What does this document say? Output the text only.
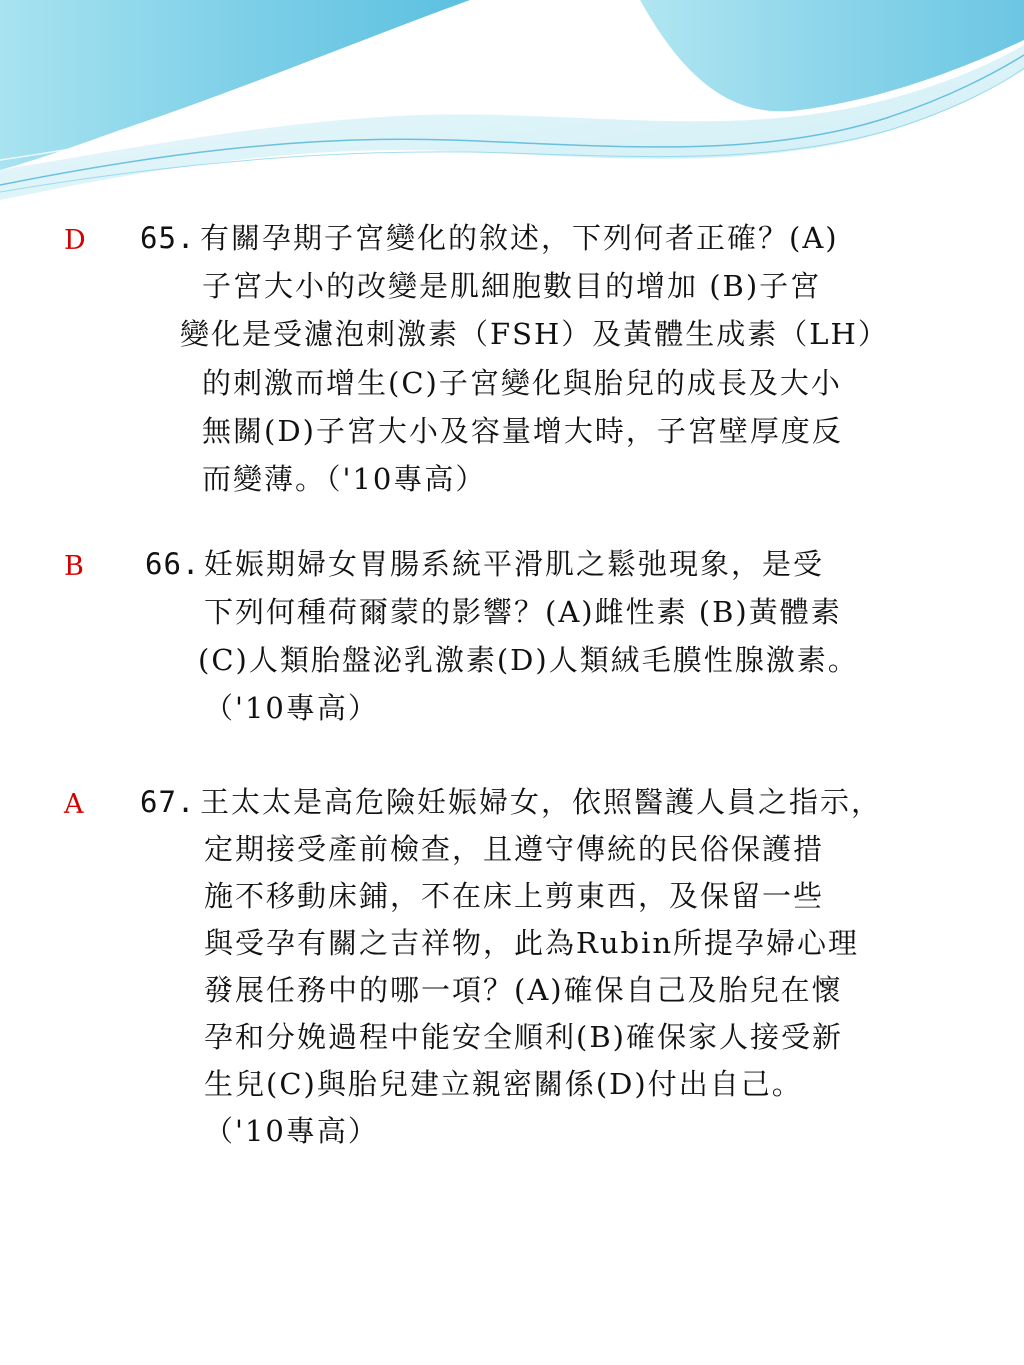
D 65. 有關孕期子宮變化的敘述，下列何者正確？(A)
子宮大小的改變是肌細胞數目的增加 (B)子宮
變化是受濾泡刺激素（FSH）及黃體生成素（LH）
的刺激而增生(C)子宮變化與胎兒的成長及大小
無關(D)子宮大小及容量增大時，子宮壁厚度反
而變薄。（'10專高）
B 66. 妊娠期婦女胃腸系統平滑肌之鬆弛現象，是受
下列何種荷爾蒙的影響？(A)雌性素 (B)黃體素
(C)人類胎盤泌乳激素(D)人類絨毛膜性腺激素。
（'10專高）
A 67. 王太太是高危險妊娠婦女，依照醫護人員之指示，
定期接受產前檢查，且遵守傳統的民俗保護措
施不移動床鋪，不在床上剪東西，及保留一些
與受孕有關之吉祥物，此為Rubin所提孕婦心理
發展任務中的哪一項？(A)確保自己及胎兒在懷
孕和分娩過程中能安全順利(B)確保家人接受新
生兒(C)與胎兒建立親密關係(D)付出自己。
（'10專高）
